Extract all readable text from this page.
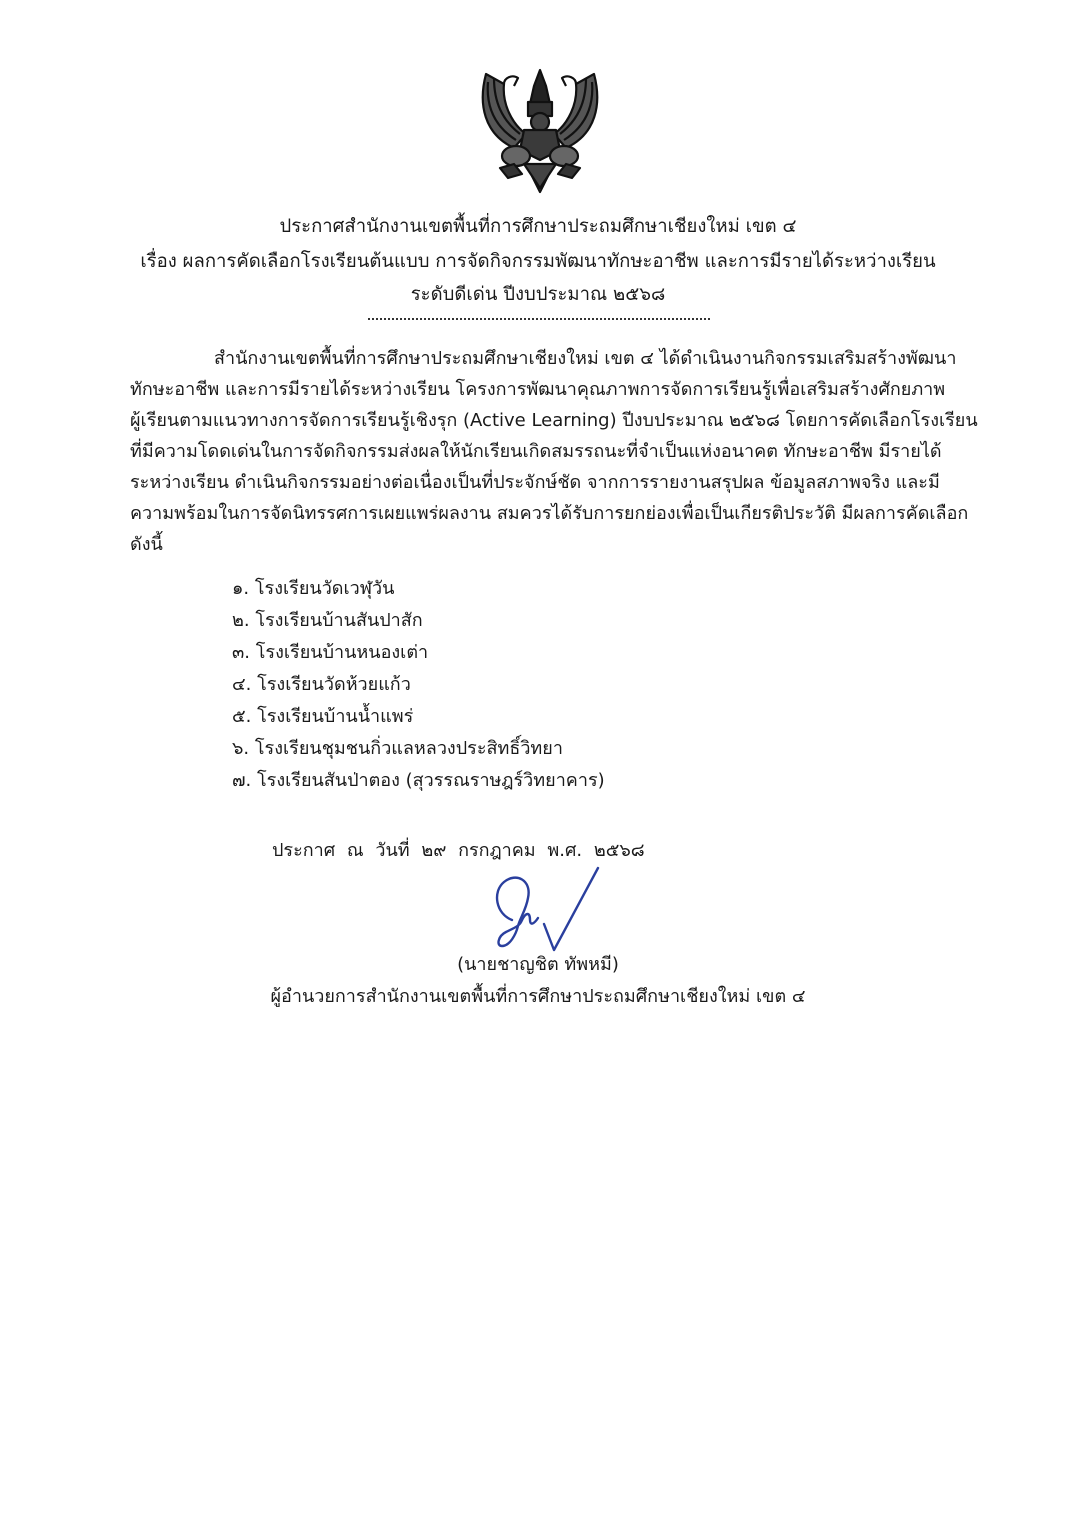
ประกาศสำนักงานเขตพื้นที่การศึกษาประถมศึกษาเชียงใหม่ เขต ๔
เรื่อง ผลการคัดเลือกโรงเรียนต้นแบบ การจัดกิจกรรมพัฒนาทักษะอาชีพ และการมีรายได้ระหว่างเรียน
ระดับดีเด่น ปีงบประมาณ ๒๕๖๘
สำนักงานเขตพื้นที่การศึกษาประถมศึกษาเชียงใหม่ เขต ๔ ได้ดำเนินงานกิจกรรมเสริมสร้างพัฒนา
ทักษะอาชีพ และการมีรายได้ระหว่างเรียน โครงการพัฒนาคุณภาพการจัดการเรียนรู้เพื่อเสริมสร้างศักยภาพ
ผู้เรียนตามแนวทางการจัดการเรียนรู้เชิงรุก (Active Learning) ปีงบประมาณ ๒๕๖๘ โดยการคัดเลือกโรงเรียน
ที่มีความโดดเด่นในการจัดกิจกรรมส่งผลให้นักเรียนเกิดสมรรถนะที่จำเป็นแห่งอนาคต ทักษะอาชีพ มีรายได้
ระหว่างเรียน ดำเนินกิจกรรมอย่างต่อเนื่องเป็นที่ประจักษ์ชัด จากการรายงานสรุปผล ข้อมูลสภาพจริง และมี
ความพร้อมในการจัดนิทรรศการเผยแพร่ผลงาน สมควรได้รับการยกย่องเพื่อเป็นเกียรติประวัติ มีผลการคัดเลือก
ดังนี้
๑. โรงเรียนวัดเวฬุวัน
๒. โรงเรียนบ้านสันปาสัก
๓. โรงเรียนบ้านหนองเต่า
๔. โรงเรียนวัดห้วยแก้ว
๕. โรงเรียนบ้านน้ำแพร่
๖. โรงเรียนชุมชนกิ่วแลหลวงประสิทธิ์วิทยา
๗. โรงเรียนสันป่าตอง (สุวรรณราษฎร์วิทยาคาร)
ประกาศ ณ วันที่ ๒๙ กรกฎาคม พ.ศ. ๒๕๖๘
(นายชาญชิต ทัพหมี)
ผู้อำนวยการสำนักงานเขตพื้นที่การศึกษาประถมศึกษาเชียงใหม่ เขต ๔
